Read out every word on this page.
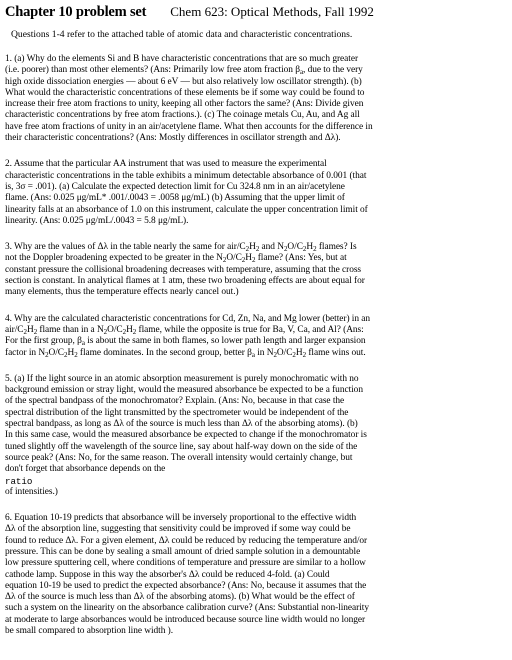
Chapter 10 problem set Chem 623: Optical Methods, Fall 1992
Questions 1-4 refer to the attached table of atomic data and characteristic concentrations.
1. (a) Why do the elements Si and B have characteristic concentrations that are so much greater
(i.e. poorer) than most other elements? (Ans: Primarily low free atom fraction $\beta_a$, due to the very
high oxide dissociation energies — about 6 eV — but also relatively low oscillator strength). (b)
What would the characteristic concentrations of these elements be if some way could be found to
increase their free atom fractions to unity, keeping all other factors the same? (Ans: Divide given
characteristic concentrations by free atom fractions.). (c) The coinage metals Cu, Au, and Ag all
have free atom fractions of unity in an air/acetylene flame. What then accounts for the difference in
their characteristic concentrations? (Ans: Mostly differences in oscillator strength and Δλ).
2. Assume that the particular AA instrument that was used to measure the experimental
characteristic concentrations in the table exhibits a minimum detectable absorbance of 0.001 (that
is, 3σ = .001). (a) Calculate the expected detection limit for Cu 324.8 nm in an air/acetylene
flame. (Ans: 0.025 μg/mL* .001/.0043 = .0058 μg/mL) (b) Assuming that the upper limit of
linearity falls at an absorbance of 1.0 on this instrument, calculate the upper concentration limit of
linearity. (Ans: 0.025 μg/mL/.0043 = 5.8 μg/mL).
3. Why are the values of Δλ in the table nearly the same for air/$C_2H_2$ and $N_2O/C_2H_2$ flames? Is
not the Doppler broadening expected to be greater in the $N_2O/C_2H_2$ flame? (Ans: Yes, but at
constant pressure the collisional broadening decreases with temperature, assuming that the cross
section is constant. In analytical flames at 1 atm, these two broadening effects are about equal for
many elements, thus the temperature effects nearly cancel out.)
4. Why are the calculated characteristic concentrations for Cd, Zn, Na, and Mg lower (better) in an
air/$C_2H_2$ flame than in a $N_2O/C_2H_2$ flame, while the opposite is true for Ba, V, Ca, and Al? (Ans:
For the first group, $\beta_a$ is about the same in both flames, so lower path length and larger expansion
factor in $N_2O/C_2H_2$ flame dominates. In the second group, better $\beta_a$ in $N_2O/C_2H_2$ flame wins out.
5. (a) If the light source in an atomic absorption measurement is purely monochromatic with no
background emission or stray light, would the measured absorbance be expected to be a function
of the spectral bandpass of the monochromator? Explain. (Ans: No, because in that case the
spectral distribution of the light transmitted by the spectrometer would be independent of the
spectral bandpass, as long as Δλ of the source is much less than Δλ of the absorbing atoms). (b)
In this same case, would the measured absorbance be expected to change if the monochromator is
tuned slightly off the wavelength of the source line, say about half-way down on the side of the
source peak? (Ans: No, for the same reason. The overall intensity would certainly change, but
don't forget that absorbance depends on the
ratio
of intensities.)
6. Equation 10-19 predicts that absorbance will be inversely proportional to the effective width
Δλ of the absorption line, suggesting that sensitivity could be improved if some way could be
found to reduce Δλ. For a given element, Δλ could be reduced by reducing the temperature and/or
pressure. This can be done by sealing a small amount of dried sample solution in a demountable
low pressure sputtering cell, where conditions of temperature and pressure are similar to a hollow
cathode lamp. Suppose in this way the absorber's Δλ could be reduced 4-fold. (a) Could
equation 10-19 be used to predict the expected absorbance? (Ans: No, because it assumes that the
Δλ of the source is much less than Δλ of the absorbing atoms). (b) What would be the effect of
such a system on the linearity on the absorbance calibration curve? (Ans: Substantial non-linearity
at moderate to large absorbances would be introduced because source line width would no longer
be small compared to absorption line width ).
